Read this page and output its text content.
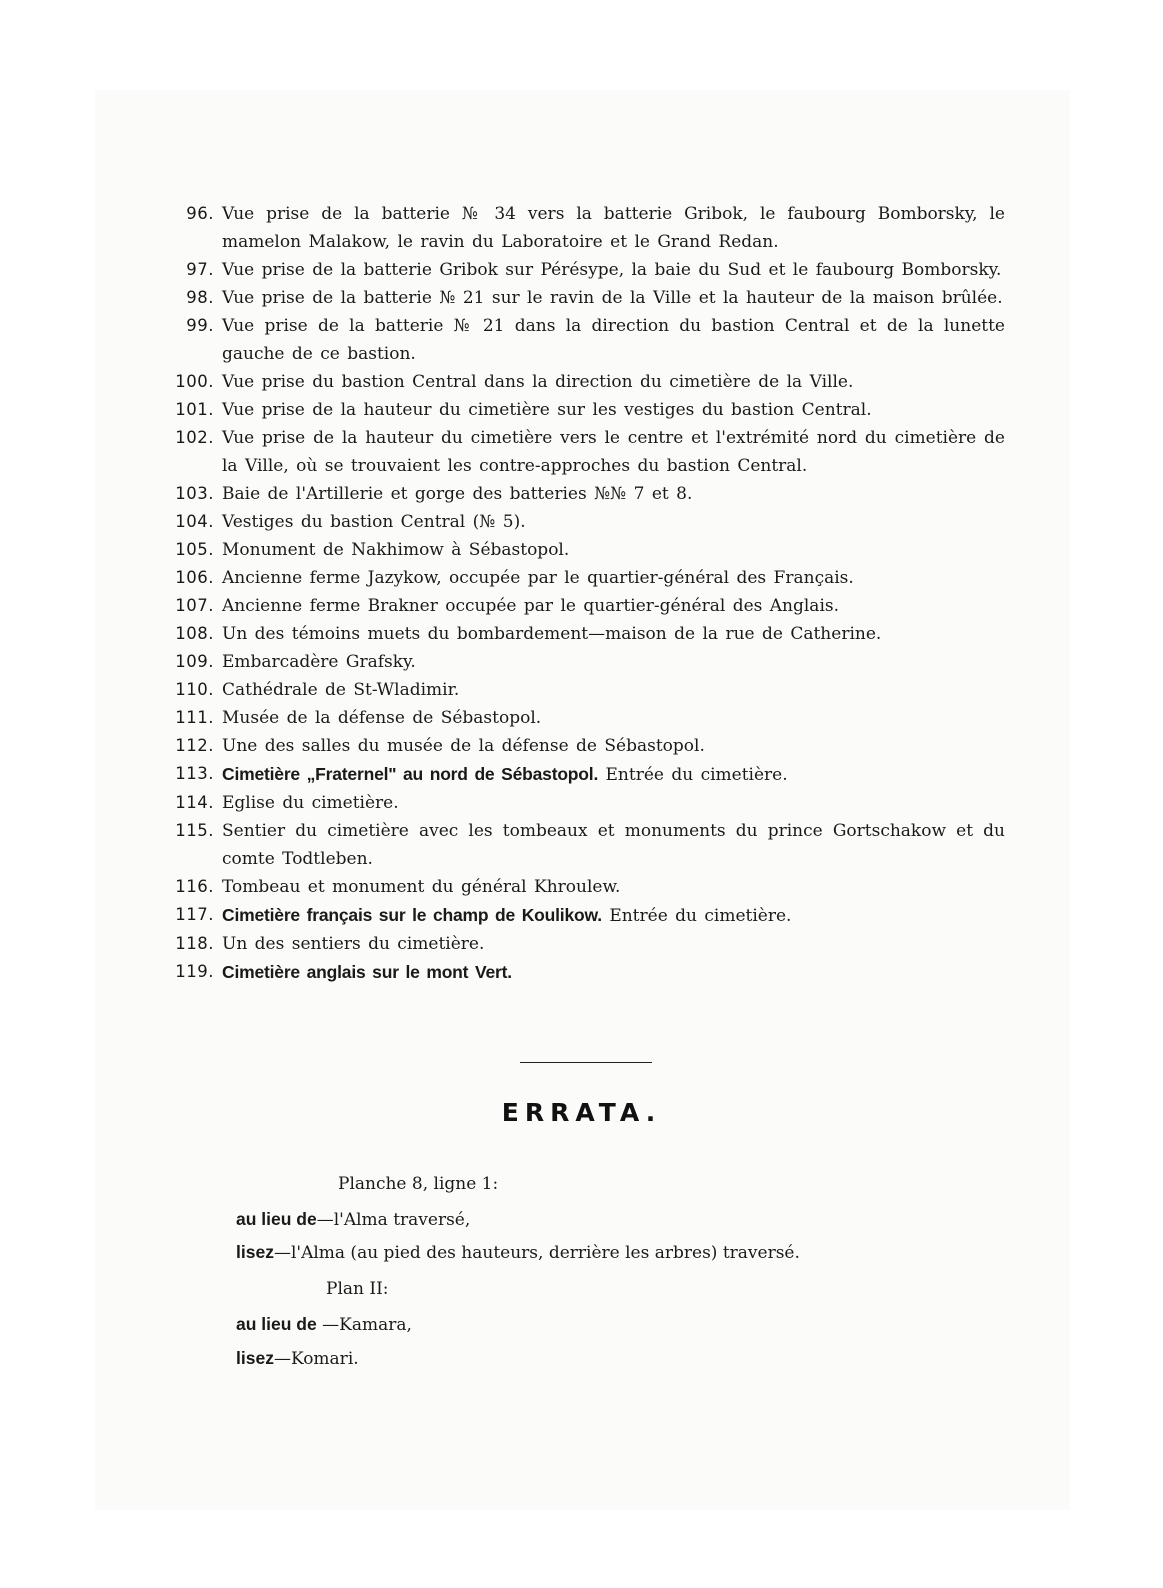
96. Vue prise de la batterie № 34 vers la batterie Gribok, le faubourg Bomborsky, le mamelon Malakow, le ravin du Laboratoire et le Grand Redan.
97. Vue prise de la batterie Gribok sur Pérésype, la baie du Sud et le faubourg Bomborsky.
98. Vue prise de la batterie № 21 sur le ravin de la Ville et la hauteur de la maison brûlée.
99. Vue prise de la batterie № 21 dans la direction du bastion Central et de la lunette gauche de ce bastion.
100. Vue prise du bastion Central dans la direction du cimetière de la Ville.
101. Vue prise de la hauteur du cimetière sur les vestiges du bastion Central.
102. Vue prise de la hauteur du cimetière vers le centre et l'extrémité nord du cimetière de la Ville, où se trouvaient les contre-approches du bastion Central.
103. Baie de l'Artillerie et gorge des batteries №№ 7 et 8.
104. Vestiges du bastion Central (№ 5).
105. Monument de Nakhimow à Sébastopol.
106. Ancienne ferme Jazykow, occupée par le quartier-général des Français.
107. Ancienne ferme Brakner occupée par le quartier-général des Anglais.
108. Un des témoins muets du bombardement—maison de la rue de Catherine.
109. Embarcadère Grafsky.
110. Cathédrale de St-Wladimir.
111. Musée de la défense de Sébastopol.
112. Une des salles du musée de la défense de Sébastopol.
113. Cimetière „Fraternel" au nord de Sébastopol. Entrée du cimetière.
114. Eglise du cimetière.
115. Sentier du cimetière avec les tombeaux et monuments du prince Gortschakow et du comte Todtleben.
116. Tombeau et monument du général Khroulew.
117. Cimetière français sur le champ de Koulikow. Entrée du cimetière.
118. Un des sentiers du cimetière.
119. Cimetière anglais sur le mont Vert.
ERRATA.
Planche 8, ligne 1:
au lieu de—l'Alma traversé,
lisez—l'Alma (au pied des hauteurs, derrière les arbres) traversé.
Plan II:
au lieu de —Kamara,
lisez—Komari.
